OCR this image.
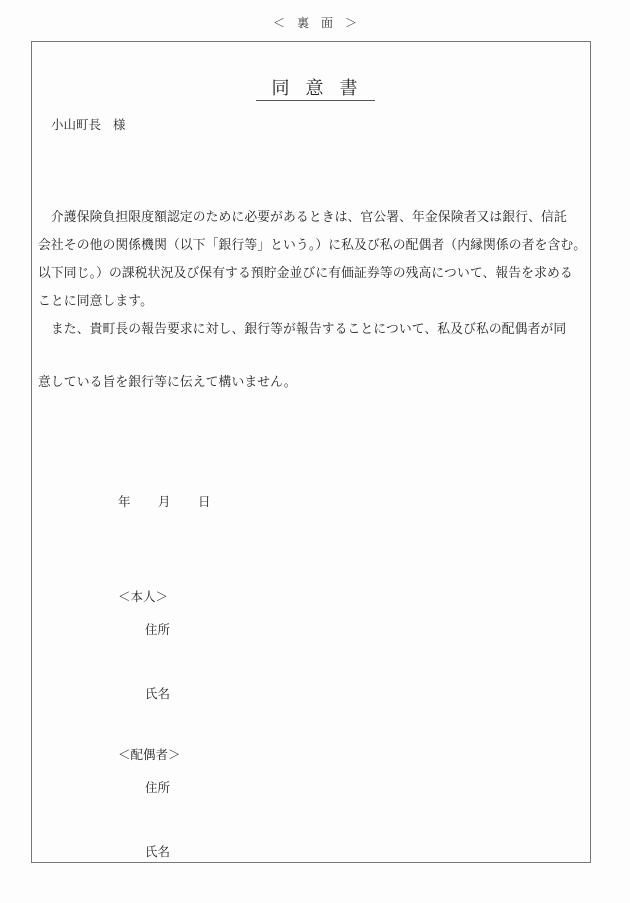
＜ 裏　面 ＞
同意書
小山町長 様
　介護保険負担限度額認定のために必要があるときは、官公署、年金保険者又は銀行、信託
会社その他の関係機関（以下「銀行等」という。）に私及び私の配偶者（内縁関係の者を含む。
以下同じ。）の課税状況及び保有する預貯金並びに有価証券等の残高について、報告を求める
ことに同意します。
　また、貴町長の報告要求に対し、銀行等が報告することについて、私及び私の配偶者が同
意している旨を銀行等に伝えて構いません。
年 月 日
＜本人＞
住所
氏名
＜配偶者＞
住所
氏名
